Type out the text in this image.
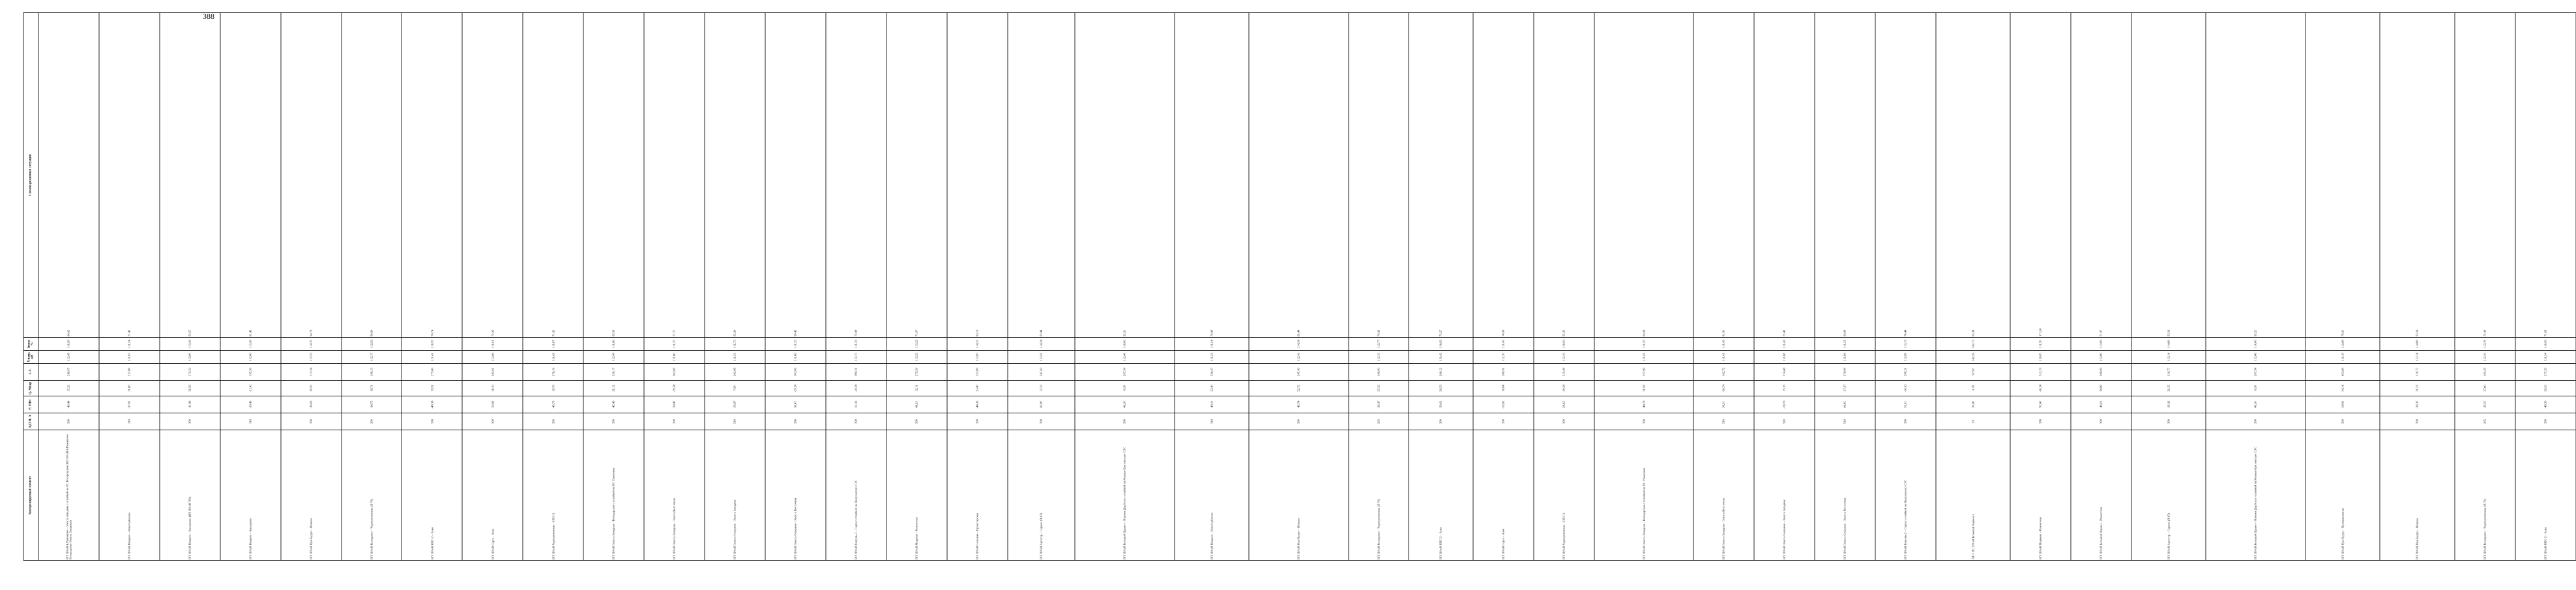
388
Контролируемый элемент	АДТН, А	P, МВт	Q, Мвар	I, А	Uнагр, кВ	Iнагр, %	Схемно-режимная ситуация	
ВЛ 110 кВ Б.Рыжиково – Электа Западная с отпайкой на ПС Богородская (ВЛ 110 кВ Б.Рыжиково-Богородская-Электа Западная)	390	-45,49	17,22	249,67	112,49	111,99	64,02	
ВЛ 110 кВ Ивацево – Новогорбатова	318	-37,81	21,86	227,08	111,07	111,54	71,41	
ВЛ 110 кВ Ивацево – Бакшаково (ВЛ 110 кВ 783)	390	-31,88	21,59	172,22	112,86	113,38	53,57	
ВЛ 110 кВ Ивацево – Бакшаково	318	-26,45	-21,41	195,30	112,86	113,38	61,42	
ВЛ 110 кВ Нуж-Бурун – Южная	390	-36,03	26,56	213,34	112,52	114,76	54,70	
ВЛ 110 кВ Колодкино – Черноречинская (Л-76)	390	-34,75	18,71	198,13	112,17	112,92	50,80	
ВЛ 110 кВ НПС-2 – Азия	390	-49,38	19,91	275,86	111,41	116,97	70,74	
ВЛ 110 кВ Сарга – Азия	390	-53,93	18,10	281,81	112,08	111,61	72,26	
ВЛ 110 кВ Черноречинская – НПС-2	390	-45,73	19,76	278,18	111,43	111,87	71,33	
ВЛ 110 кВ Электа Западная – Володарская с отпайкой на ПС Ульяновка	390	-42,45	21,12	256,17	112,49	111,08	65,58	
ВЛ 110 кВ Электа Западная – Электа Восточная	390	-50,47	-29,50	303,06	111,80	111,35	77,71	
ВЛ 110 кВ Электа Северная – Электа Западная	510	-53,97	7,58	281,98	111,33	111,73	55,29	
ВЛ 110 кВ Электа Северная – Электа Восточная	390	50,47	-29,50	303,06	111,80	111,35	59,42	
ВЛ 110 кВ Якшунь-2 – Сарга с отпайкой на Якшуньскую СЭС	390	-51,63	-18,59	290,31	112,17	111,33	72,89	
ВЛ 110 кВ Марьино – Ремонтная	390	48,33	12,11	275,20	113,22	113,22	71,07	
ВЛ 110 кВ Сельская – Пролетарская	390	-44,33	23,40	253,89	113,85	114,37	65,10	
ВЛ 110 кВ Арситур – Сарыск (Л-87)	390	43,89	12,22	247,43	112,41	114,24	63,44	
ВЛ 110 кВ Большой Царьон – Нижнее Дарбуха с отпайкой на Мамаев-Бритинскую СЭС	390	40,18	-9,36	207,54	112,48	116,06	53,21	
ВЛ 110 кВ Ивацево – Новогорбатова	318	-40,11	22,40	238,47	111,23	111,54	74,99	
ВЛ 110 кВ Нуж-Бурун – Южная	390	-42,74	22,72	247,43	112,41	114,24	63,44	
ВЛ 110 кВ Колодкино – Черноречинская (Л-76)	265	-26,37	27,32	196,93	112,15	112,77	74,32	
ВЛ 110 кВ НПС-2 – Азия	390	-50,61	20,53	280,12	111,42	110,62	72,57	
ВЛ 110 кВ Сарга – Азия	390	-53,91	18,64	288,91	112,10	111,42	74,08	
ВЛ 110 кВ Черноречинская – НПС-2	390	28,82	-29,26	215,48	112,10	110,63	55,25	
ВЛ 110 кВ Электа Западная – Володарская с отпайкой на ПС Ульяновка	390	-44,79	21,58	257,96	111,43	111,25	66,04	
ВЛ 110 кВ Электа Западная – Электа Восточная	510	30,31	-28,74	182,72	111,41	111,43	61,91	
ВЛ 110 кВ Электа Северная – Электа Западная	510	-70,70	15,78	374,48	111,08	111,43	73,43	
ВЛ 110 кВ Электа Северная – Электа Восточная	510	46,45	-27,67	278,96	111,08	111,31	54,89	
ВЛ 110 кВ Якшунь-2 – Сарга с отпайкой на Якшуньскую СЭС	390	52,91	-18,63	290,31	112,09	113,17	74,44	
АТ-2 ПС 220 кВ Большой Царьон-1	151	39,00	-1,70	97,93	242,56	242,77	65,38	
ВЛ 110 кВ Марьино – Ремонтная	390	92,88	-30,38	513,19	110,05	111,50	171,06	
ВЛ 110 кВ Большой Царьон – Ремонтная	390	-46,61	28,89	280,69	112,80	113,69	71,97	
ВЛ 110 кВ Арситур – Сарыск (Л-87)	390	-35,32	21,25	216,77	112,14	114,09	55,58	
ВЛ 110 кВ Большой Царьон – Нижнее Дарбуха с отпайкой на Мамаев-Бритинскую СЭС	390	40,18	-9,36	207,54	112,48	116,06	53,21	
ВЛ 110 кВ Нуж-Бурун – Промышленная	390	-69,91	34,14	403,89	111,19	112,08	79,21	
ВЛ 110 кВ Нуж-Бурун – Южная	390	-36,37	21,23	216,77	112,14	114,09	55,58	
ВЛ 110 кВ Колодкино – Черноречинская (Л-76)	265	-25,57	27,00	191,55	112,10	112,78	72,28	
ВЛ 110 кВ НПС-2 – Азия	390	-49,50	20,26	277,29	111,34	110,63	71,09	
